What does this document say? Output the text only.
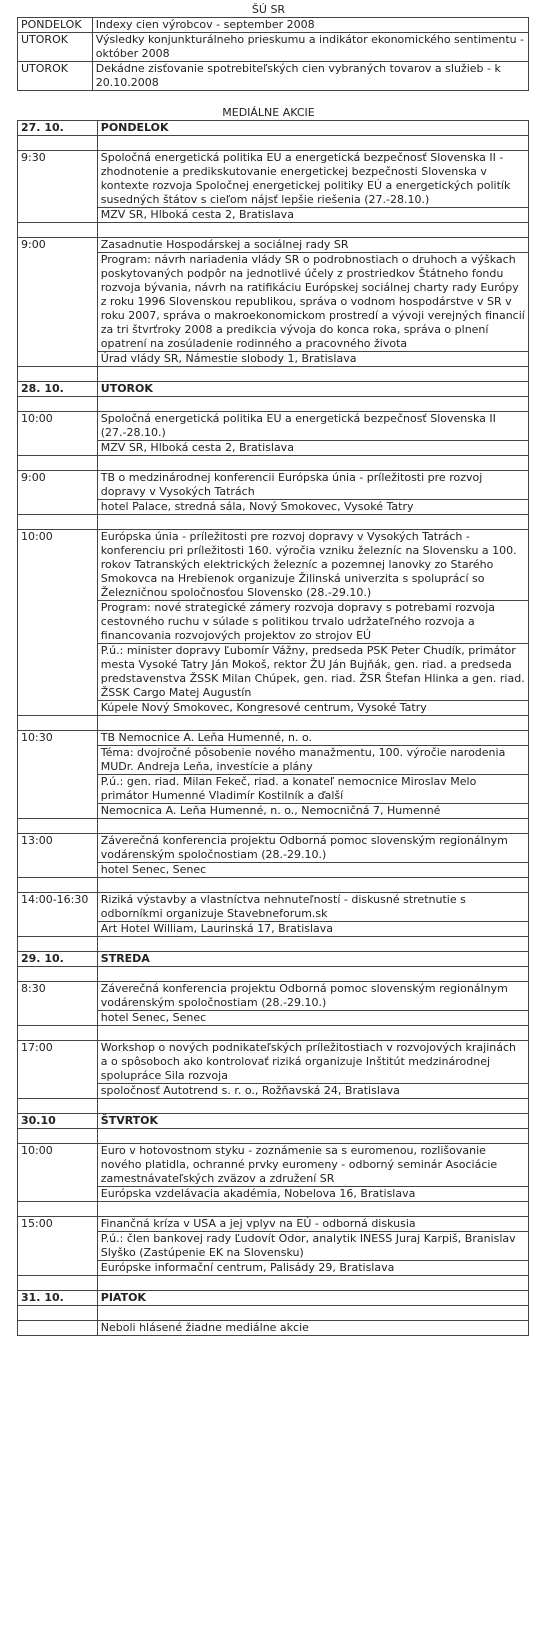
ŠÚ SR
PONDELOK	Indexy cien výrobcov - september 2008
UTOROK	Výsledky konjunkturálneho prieskumu a indikátor ekonomického sentimentu - október 2008
UTOROK	Dekádne zisťovanie spotrebiteľských cien vybraných tovarov a služieb - k 20.10.2008
MEDIÁLNE AKCIE
27. 10.	PONDELOK

9:30	Spoločná energetická politika EU a energetická bezpečnosť Slovenska II - zhodnotenie a predikskutovanie energetickej bezpečnosti Slovenska v kontexte rozvoja Spoločnej energetickej politiky EÚ a energetických politík susedných štátov s cieľom nájsť lepšie riešenia (27.-28.10.)
	MZV SR, Hlboká cesta 2, Bratislava

9:00	Zasadnutie Hospodárskej a sociálnej rady SR
	Program: návrh nariadenia vlády SR o podrobnostiach o druhoch a výškach poskytovaných podpôr na jednotlivé účely z prostriedkov Štátneho fondu rozvoja bývania, návrh na ratifikáciu Európskej sociálnej charty rady Európy z roku 1996 Slovenskou republikou, správa o vodnom hospodárstve v SR v roku 2007, správa o makroekonomickom prostredí a vývoji verejných financií za tri štvrťroky 2008 a predikcia vývoja do konca roka, správa o plnení opatrení na zosúladenie rodinného a pracovného života
	Úrad vlády SR, Námestie slobody 1, Bratislava

28. 10.	UTOROK

10:00	Spoločná energetická politika EU a energetická bezpečnosť Slovenska II (27.-28.10.)
	MZV SR, Hlboká cesta 2, Bratislava

9:00	TB o medzinárodnej konferencii Európska únia - príležitosti pre rozvoj dopravy v Vysokých Tatrách
	hotel Palace, stredná sála, Nový Smokovec, Vysoké Tatry

10:00	Európska únia - príležitosti pre rozvoj dopravy v Vysokých Tatrách - konferenciu pri príležitosti 160. výročia vzniku železníc na Slovensku a 100. rokov Tatranských elektrických železníc a pozemnej lanovky zo Starého Smokovca na Hrebienok organizuje Žilinská univerzita s spoluprácí so Železničnou spoločnosťou Slovensko (28.-29.10.)
	Program: nové strategické zámery rozvoja dopravy s potrebami rozvoja cestovného ruchu v súlade s politikou trvalo udržateľného rozvoja a financovania rozvojových projektov zo strojov EÚ
	P.ú.: minister dopravy Ľubomír Vážny, predseda PSK Peter Chudík, primátor mesta Vysoké Tatry Ján Mokoš, rektor ŽU Ján Bujňák, gen. riad. a predseda predstavenstva ŽSSK Milan Chúpek, gen. riad. ŽSR Štefan Hlinka a gen. riad. ŽSSK Cargo Matej Augustín
	Kúpele Nový Smokovec, Kongresové centrum, Vysoké Tatry

10:30	TB Nemocnice A. Leňa Humenné, n. o.
	Téma: dvojročné pôsobenie nového manažmentu, 100. výročie narodenia MUDr. Andreja Leňa, investície a plány
	P.ú.: gen. riad. Milan Fekeč, riad. a konateľ nemocnice Miroslav Melo primátor Humenné Vladimír Kostilník a ďalší
	Nemocnica A. Leňa Humenné, n. o., Nemocničná 7, Humenné

13:00	Záverečná konferencia projektu Odborná pomoc slovenským regionálnym vodárenským spoločnostiam (28.-29.10.)
	hotel Senec, Senec

14:00-16:30	Riziká výstavby a vlastníctva nehnuteľností - diskusné stretnutie s odborníkmi organizuje Stavebneforum.sk
	Art Hotel William, Laurinská 17, Bratislava

29. 10.	STREDA

8:30	Záverečná konferencia projektu Odborná pomoc slovenským regionálnym vodárenským spoločnostiam (28.-29.10.)
	hotel Senec, Senec

17:00	Workshop o nových podnikateľských príležitostiach v rozvojových krajinách a o spôsoboch ako kontrolovať riziká organizuje Inštitút medzinárodnej spolupráce Sila rozvoja
	spoločnosť Autotrend s. r. o., Rožňavská 24, Bratislava

30.10	ŠTVRTOK

10:00	Euro v hotovostnom styku - zoznámenie sa s euromenou, rozlišovanie nového platidla, ochranné prvky euromeny - odborný seminár Asociácie zamestnávateľských zväzov a združení SR
	Európska vzdelávacia akadémia, Nobelova 16, Bratislava

15:00	Finančná kríza v USA a jej vplyv na EÚ - odborná diskusia
	P.ú.: člen bankovej rady Ľudovít Odor, analytik INESS Juraj Karpiš, Branislav Slyško (Zastúpenie EK na Slovensku)
	Európske informační centrum, Palisády 29, Bratislava

31. 10.	PIATOK

	Neboli hlásené žiadne mediálne akcie
